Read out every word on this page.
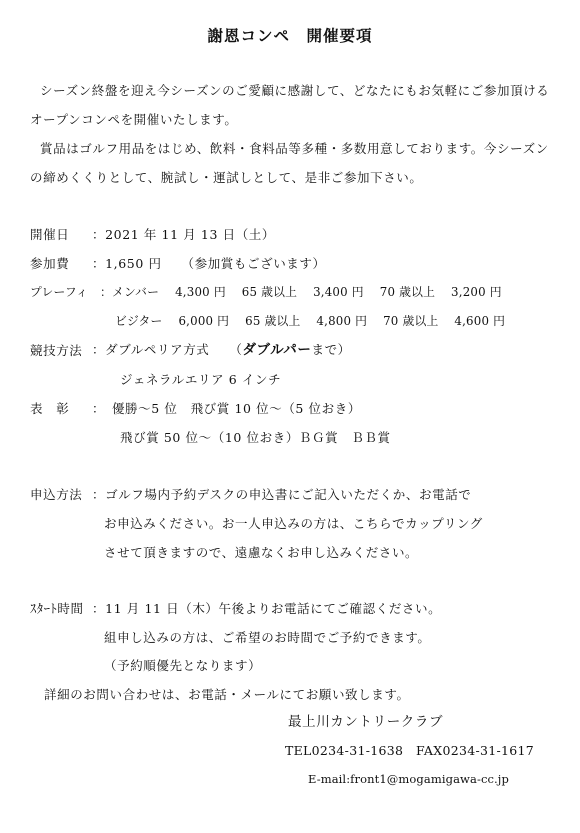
謝恩コンペ　開催要項
シーズン終盤を迎え今シーズンのご愛顧に感謝して、どなたにもお気軽にご参加頂ける
オープンコンペを開催いたします。
賞品はゴルフ用品をはじめ、飲料・食料品等多種・多数用意しております。今シーズン
の締めくくりとして、腕試し・運試しとして、是非ご参加下さい。
開催日 ：2021 年 11 月 13 日（土）
参加費 ：1,650 円　　（参加賞もございます）
プレーフィ ：メンバー　 4,300 円　 65 歳以上　 3,400 円　 70 歳以上　 3,200 円
ビジター　 6,000 円　 65 歳以上　 4,800 円　 70 歳以上　 4,600 円
競技方法 ：ダブルペリア方式　　（ダブルパーまで）
ジェネラルエリア 6 インチ
表　彰 ：　優勝～5 位　飛び賞 10 位～（5 位おき）
飛び賞 50 位～（10 位おき）ＢＧ賞　ＢＢ賞
申込方法 ：ゴルフ場内予約デスクの申込書にご記入いただくか、お電話で
お申込みください。お一人申込みの方は、こちらでカップリング
させて頂きますので、遠慮なくお申し込みください。
ｽﾀｰﾄ時間 ：11 月 11 日（木）午後よりお電話にてご確認ください。
組申し込みの方は、ご希望のお時間でご予約できます。
（予約順優先となります）
詳細のお問い合わせは、お電話・メールにてお願い致します。
最上川カントリークラブ
TEL0234-31-1638　FAX0234-31-1617
E-mail:front1@mogamigawa-cc.jp
